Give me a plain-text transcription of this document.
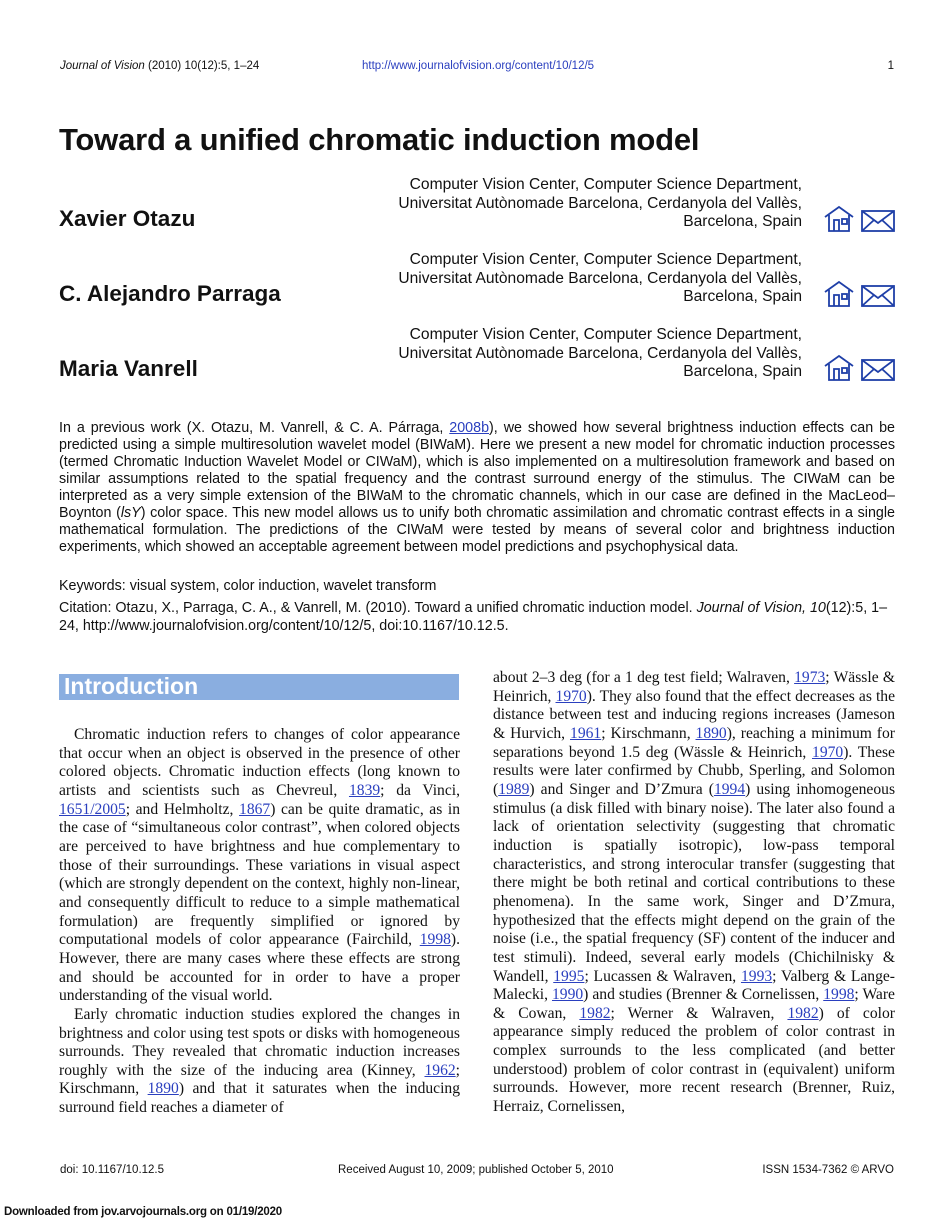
Journal of Vision (2010) 10(12):5, 1–24	http://www.journalofvision.org/content/10/12/5	1
Toward a unified chromatic induction model
Xavier Otazu
Computer Vision Center, Computer Science Department,
Universitat Autònomade Barcelona, Cerdanyola del Vallès,
Barcelona, Spain
C. Alejandro Parraga
Computer Vision Center, Computer Science Department,
Universitat Autònomade Barcelona, Cerdanyola del Vallès,
Barcelona, Spain
Maria Vanrell
Computer Vision Center, Computer Science Department,
Universitat Autònomade Barcelona, Cerdanyola del Vallès,
Barcelona, Spain
In a previous work (X. Otazu, M. Vanrell, & C. A. Párraga, 2008b), we showed how several brightness induction effects can be predicted using a simple multiresolution wavelet model (BIWaM). Here we present a new model for chromatic induction processes (termed Chromatic Induction Wavelet Model or CIWaM), which is also implemented on a multiresolution framework and based on similar assumptions related to the spatial frequency and the contrast surround energy of the stimulus. The CIWaM can be interpreted as a very simple extension of the BIWaM to the chromatic channels, which in our case are defined in the MacLeod–Boynton (lsY) color space. This new model allows us to unify both chromatic assimilation and chromatic contrast effects in a single mathematical formulation. The predictions of the CIWaM were tested by means of several color and brightness induction experiments, which showed an acceptable agreement between model predictions and psychophysical data.
Keywords: visual system, color induction, wavelet transform
Citation: Otazu, X., Parraga, C. A., & Vanrell, M. (2010). Toward a unified chromatic induction model. Journal of Vision, 10(12):5, 1–24, http://www.journalofvision.org/content/10/12/5, doi:10.1167/10.12.5.
Introduction

Chromatic induction refers to changes of color appearance that occur when an object is observed in the presence of other colored objects. Chromatic induction effects (long known to artists and scientists such as Chevreul, 1839; da Vinci, 1651/2005; and Helmholtz, 1867) can be quite dramatic, as in the case of “simultaneous color contrast”, when colored objects are perceived to have brightness and hue complementary to those of their surroundings. These variations in visual aspect (which are strongly dependent on the context, highly non-linear, and consequently difficult to reduce to a simple mathematical formulation) are frequently simplified or ignored by computational models of color appearance (Fairchild, 1998). However, there are many cases where these effects are strong and should be accounted for in order to have a proper understanding of the visual world.

Early chromatic induction studies explored the changes in brightness and color using test spots or disks with homogeneous surrounds. They revealed that chromatic induction increases roughly with the size of the inducing area (Kinney, 1962; Kirschmann, 1890) and that it saturates when the inducing surround field reaches a diameter of

about 2–3 deg (for a 1 deg test field; Walraven, 1973; Wässle & Heinrich, 1970). They also found that the effect decreases as the distance between test and inducing regions increases (Jameson & Hurvich, 1961; Kirschmann, 1890), reaching a minimum for separations beyond 1.5 deg (Wässle & Heinrich, 1970). These results were later confirmed by Chubb, Sperling, and Solomon (1989) and Singer and D’Zmura (1994) using inhomogeneous stimulus (a disk filled with binary noise). The later also found a lack of orientation selectivity (suggesting that chromatic induction is spatially isotropic), low-pass temporal characteristics, and strong interocular transfer (suggesting that there might be both retinal and cortical contributions to these phenomena). In the same work, Singer and D’Zmura, hypothesized that the effects might depend on the grain of the noise (i.e., the spatial frequency (SF) content of the inducer and test stimuli). Indeed, several early models (Chichilnisky & Wandell, 1995; Lucassen & Walraven, 1993; Valberg & Lange-Malecki, 1990) and studies (Brenner & Cornelissen, 1998; Ware & Cowan, 1982; Werner & Walraven, 1982) of color appearance simply reduced the problem of color contrast in complex surrounds to the less complicated (and better understood) problem of color contrast in (equivalent) uniform surrounds. However, more recent research (Brenner, Ruiz, Herraiz, Cornelissen,

doi: 10.1167/10.12.5	Received August 10, 2009; published October 5, 2010	ISSN 1534-7362 © ARVO
Downloaded from jov.arvojournals.org on 01/19/2020
